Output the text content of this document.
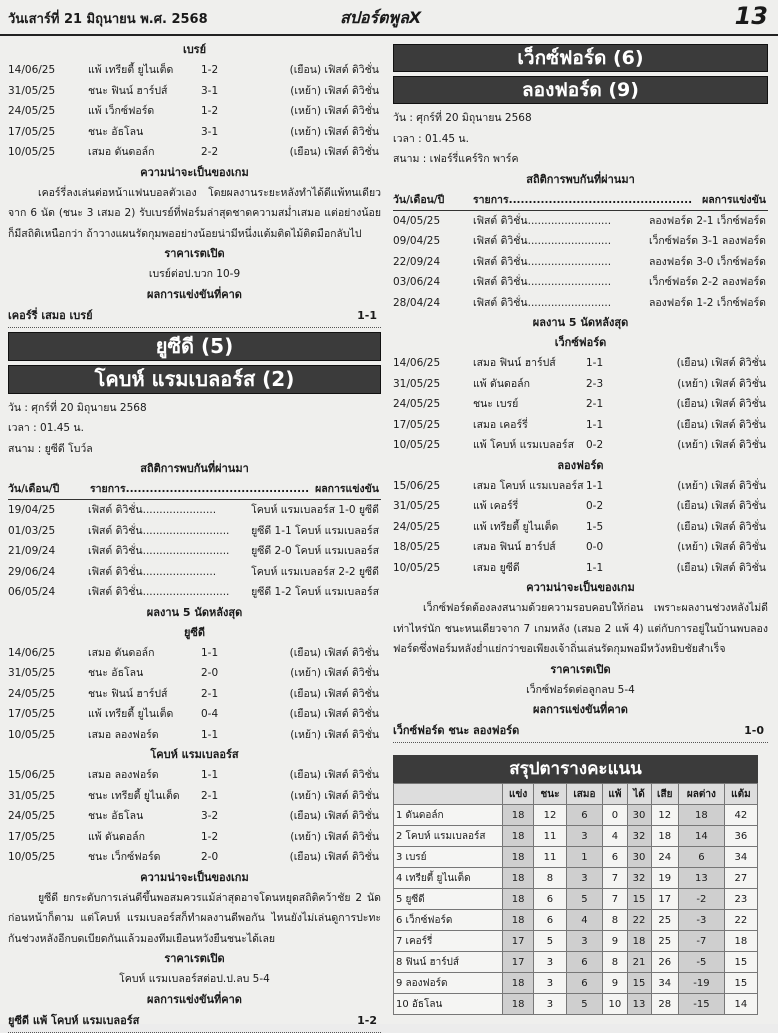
วันเสาร์ที่ 21 มิถุนายน พ.ศ. 2568	สปอร์ตพูลX	13
เบรย์
14/06/25	แพ้ เทรียตี้ ยูไนเต็ด	1-2	(เยือน) เฟิสต์ ดิวิชั่น
31/05/25	ชนะ ฟินน์ ฮาร์ปส์	3-1	(เหย้า) เฟิสต์ ดิวิชั่น
24/05/25	แพ้ เว็กซ์ฟอร์ด	1-2	(เหย้า) เฟิสต์ ดิวิชั่น
17/05/25	ชนะ อัธโลน	3-1	(เหย้า) เฟิสต์ ดิวิชั่น
10/05/25	เสมอ ดันดอล์ก	2-2	(เยือน) เฟิสต์ ดิวิชั่น
ความน่าจะเป็นของเกม
เคอร์รี่ลงเล่นต่อหน้าแฟนบอลตัวเอง โดยผลงานระยะหลังทำได้ดีแพ้ทนเดียว จาก 6 นัด (ชนะ 3 เสมอ 2) รับเบรย์ที่ฟอร์มล่าสุดชาดความสม่ำเสมอ แต่อย่างน้อยก็มีสถิติเหนือกว่า ถ้าวางแผนรัดกุมพออย่างน้อยน่ามีหนึ่งแต้มติดไม้ติดมือกลับไป
ราคาเรตเปิด
เบรย์ต่อป.บวก 10-9
ผลการแข่งขันที่คาด
เคอร์รี่ เสมอ เบรย์	1-1
ยูซีดี (5)
โคบห์ แรมเบลอร์ส (2)
วัน : ศุกร์ที่ 20 มิถุนายน 2568
เวลา : 01.45 น.
สนาม : ยูซีดี โบว์ล
สถิติการพบกันที่ผ่านมา
วัน/เดือน/ปี	รายการ.............................................. ผลการแข่งขัน
19/04/25	เฟิสต์ ดิวิชั่น......................	โคบห์ แรมเบลอร์ส 1-0 ยูซีดี
01/03/25	เฟิสต์ ดิวิชั่น.......................... ยูซีดี 1-1 โคบห์ แรมเบลอร์ส
21/09/24	เฟิสต์ ดิวิชั่น.......................... ยูซีดี 2-0 โคบห์ แรมเบลอร์ส
29/06/24	เฟิสต์ ดิวิชั่น......................	โคบห์ แรมเบลอร์ส 2-2 ยูซีดี
06/05/24	เฟิสต์ ดิวิชั่น.......................... ยูซีดี 1-2 โคบห์ แรมเบลอร์ส
ผลงาน 5 นัดหลังสุด
ยูซีดี
14/06/25	เสมอ ดันดอล์ก	1-1	(เยือน) เฟิสต์ ดิวิชั่น
31/05/25	ชนะ อัธโลน	2-0	(เหย้า) เฟิสต์ ดิวิชั่น
24/05/25	ชนะ ฟินน์ ฮาร์ปส์	2-1	(เยือน) เฟิสต์ ดิวิชั่น
17/05/25	แพ้ เทรียตี้ ยูไนเต็ด	0-4	(เยือน) เฟิสต์ ดิวิชั่น
10/05/25	เสมอ ลองฟอร์ด	1-1	(เหย้า) เฟิสต์ ดิวิชั่น
โคบห์ แรมเบลอร์ส
15/06/25	เสมอ ลองฟอร์ด	1-1	(เยือน) เฟิสต์ ดิวิชั่น
31/05/25	ชนะ เทรียตี้ ยูไนเต็ด 2-1	(เหย้า) เฟิสต์ ดิวิชั่น
24/05/25	ชนะ อัธโลน	3-2	(เยือน) เฟิสต์ ดิวิชั่น
17/05/25	แพ้ ดันดอล์ก	1-2	(เหย้า) เฟิสต์ ดิวิชั่น
10/05/25	ชนะ เว็กซ์ฟอร์ด	2-0	(เยือน) เฟิสต์ ดิวิชั่น
ความน่าจะเป็นของเกม
ยูซีดี ยกระดับการเล่นดีขึ้นพอสมควรแม้ล่าสุดอาจโดนหยุดสถิติคว้าชัย 2 นัดก่อนหน้าก็ตาม แต่โคบห์ แรมเบลอร์สก็ทำผลงานดีพอกัน ไหนยังไม่เล่นดูการปะทะกันช่วงหลังอีกบดเบียดกันแล้วมองทีมเยือนหวังยืนชนะได้เลย
ราคาเรตเปิด
โคบห์ แรมเบลอร์สต่อป.ป.ลบ 5-4
ผลการแข่งขันที่คาด
ยูซีดี แพ้ โคบห์ แรมเบลอร์ส	1-2
เว็กซ์ฟอร์ด (6)
ลองฟอร์ด (9)
วัน : ศุกร์ที่ 20 มิถุนายน 2568
เวลา : 01.45 น.
สนาม : เฟอร์รี่แคร์ริก พาร์ค
สถิติการพบกันที่ผ่านมา
วัน/เดือน/ปี	รายการ.............................................. ผลการแข่งขัน
04/05/25	เฟิสต์ ดิวิชั่น.........................	ลองฟอร์ด 2-1 เว็กซ์ฟอร์ด
09/04/25	เฟิสต์ ดิวิชั่น.........................	เว็กซ์ฟอร์ด 3-1 ลองฟอร์ด
22/09/24	เฟิสต์ ดิวิชั่น.........................	ลองฟอร์ด 3-0 เว็กซ์ฟอร์ด
03/06/24	เฟิสต์ ดิวิชั่น.........................	เว็กซ์ฟอร์ด 2-2 ลองฟอร์ด
28/04/24	เฟิสต์ ดิวิชั่น.........................	ลองฟอร์ด 1-2 เว็กซ์ฟอร์ด
ผลงาน 5 นัดหลังสุด
เว็กซ์ฟอร์ด
14/06/25	เสมอ ฟินน์ ฮาร์ปส์	1-1	(เยือน) เฟิสต์ ดิวิชั่น
31/05/25	แพ้ ดันดอล์ก	2-3	(เหย้า) เฟิสต์ ดิวิชั่น
24/05/25	ชนะ เบรย์	2-1	(เยือน) เฟิสต์ ดิวิชั่น
17/05/25	เสมอ เคอร์รี่	1-1	(เยือน) เฟิสต์ ดิวิชั่น
10/05/25	แพ้ โคบห์ แรมเบลอร์ส 0-2	(เหย้า) เฟิสต์ ดิวิชั่น
ลองฟอร์ด
15/06/25	เสมอ โคบห์ แรมเบลอร์ส 1-1	(เหย้า) เฟิสต์ ดิวิชั่น
31/05/25	แพ้ เคอร์รี่	0-2	(เยือน) เฟิสต์ ดิวิชั่น
24/05/25	แพ้ เทรียตี้ ยูไนเต็ด	1-5	(เยือน) เฟิสต์ ดิวิชั่น
18/05/25	เสมอ ฟินน์ ฮาร์ปส์	0-0	(เหย้า) เฟิสต์ ดิวิชั่น
10/05/25	เสมอ ยูซีดี	1-1	(เยือน) เฟิสต์ ดิวิชั่น
ความน่าจะเป็นของเกม
เว็กซ์ฟอร์ดต้องลงสนามด้วยความรอบคอบให้ก่อน เพราะผลงานช่วงหลังไม่ดีเท่าไหร่นัก ชนะหนเดียวจาก 7 เกมหลัง (เสมอ 2 แพ้ 4) แต่กับการอยู่ในบ้านพบลองฟอร์ดซึ่งฟอร์มหลังย่ำแย่กว่าขอเพียงเจ้าถิ่นเล่นรัดกุมพอมีหวังหยิบชัยสำเร็จ
ราคาเรตเปิด
เว็กซ์ฟอร์ดต่อลูกลบ 5-4
ผลการแข่งขันที่คาด
เว็กซ์ฟอร์ด ชนะ ลองฟอร์ด	1-0
สรุปตารางคะแนน
	แข่ง	ชนะ	เสมอ	แพ้	ได้	เสีย	ผลต่าง	แต้ม
1 ดันดอล์ก	18	12	6	0	30	12	18	42
2 โคบห์ แรมเบลอร์ส	18	11	3	4	32	18	14	36
3 เบรย์	18	11	1	6	30	24	6	34
4 เทรียตี้ ยูไนเต็ด	18	8	3	7	32	19	13	27
5 ยูซีดี	18	6	5	7	15	17	-2	23
6 เว็กซ์ฟอร์ด	18	6	4	8	22	25	-3	22
7 เคอร์รี่	17	5	3	9	18	25	-7	18
8 ฟินน์ ฮาร์ปส์	17	3	6	8	21	26	-5	15
9 ลองฟอร์ด	18	3	6	9	15	34	-19	15
10 อัธโลน	18	3	5	10	13	28	-15	14
